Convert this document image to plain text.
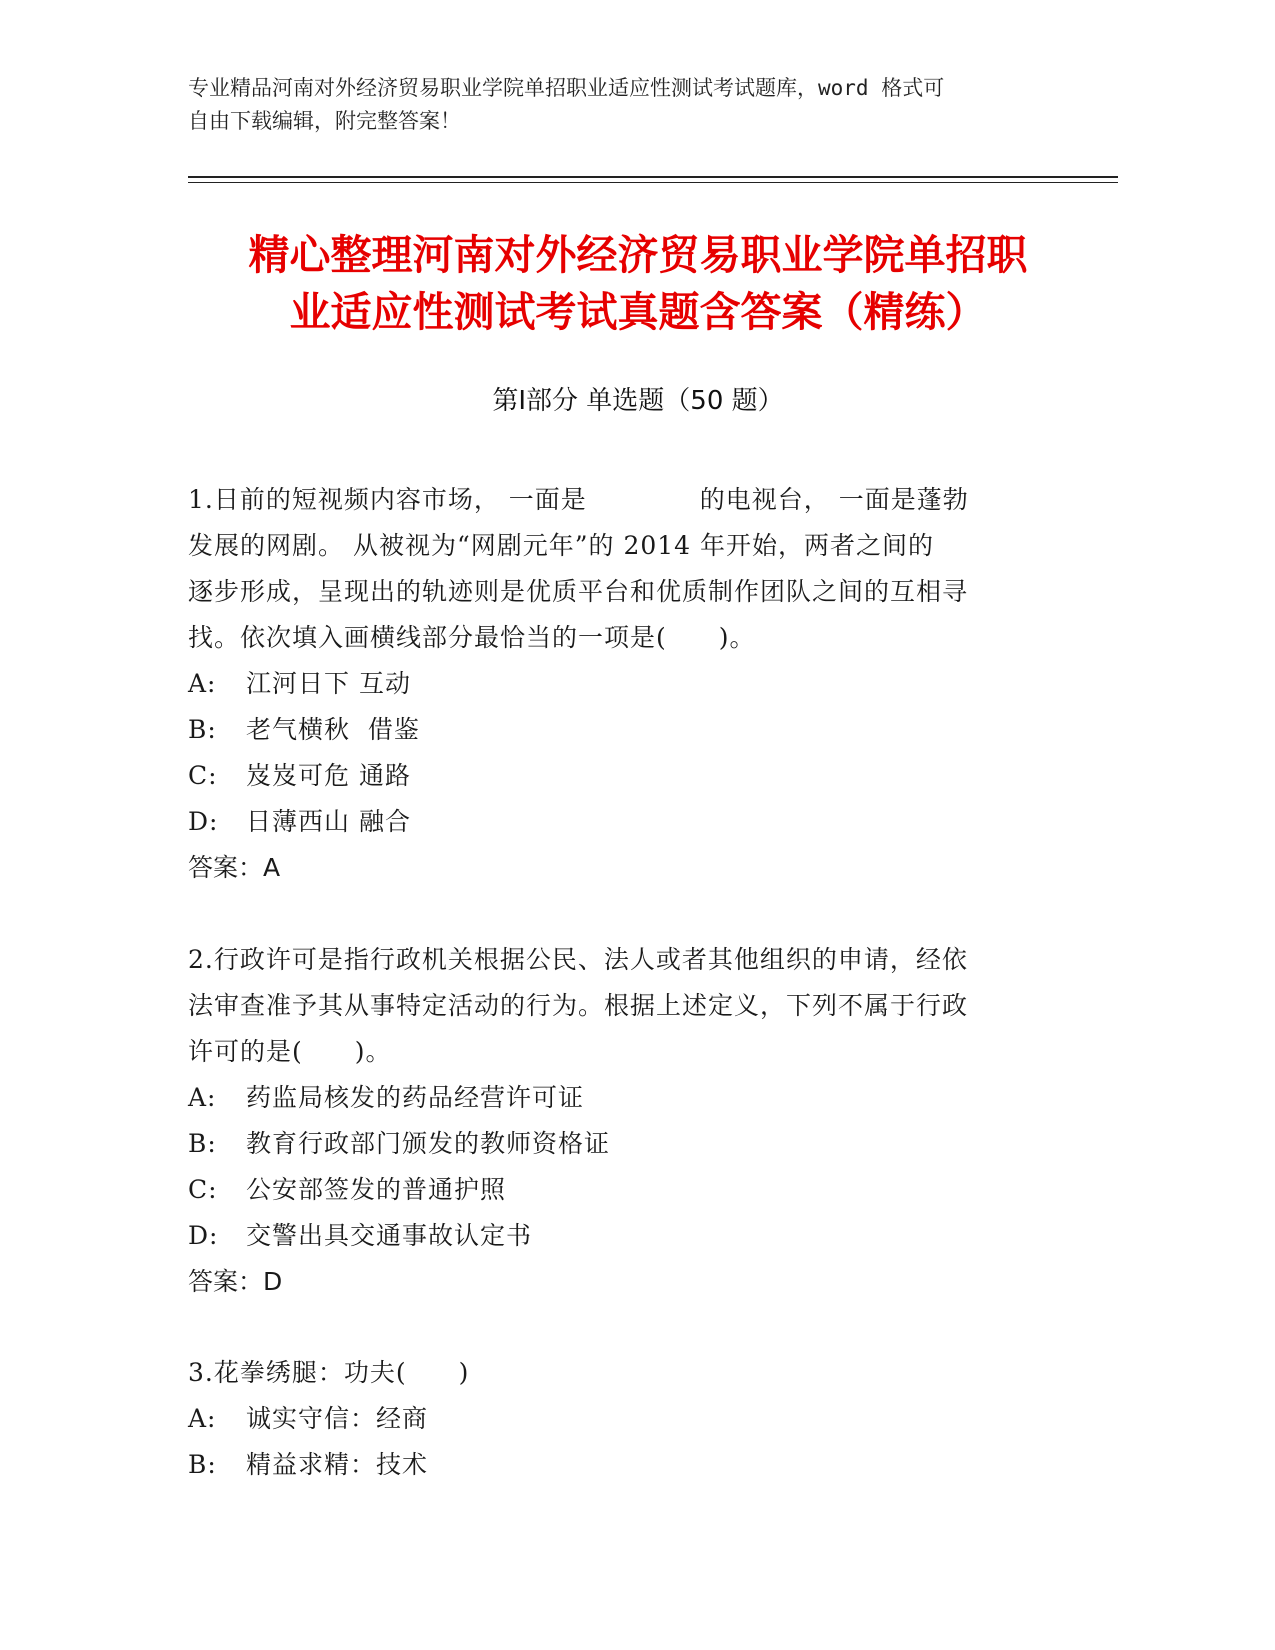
专业精品河南对外经济贸易职业学院单招职业适应性测试考试题库，word 格式可
自由下载编辑，附完整答案！
精心整理河南对外经济贸易职业学院单招职
业适应性测试考试真题含答案（精练）
第Ⅰ部分 单选题（50 题）
1.日前的短视频内容市场， 一面是　　　　 的电视台， 一面是蓬勃
发展的网剧。 从被视为“网剧元年”的 2014 年开始，两者之间的
逐步形成，呈现出的轨迹则是优质平台和优质制作团队之间的互相寻
找。依次填入画横线部分最恰当的一项是(　　)。
A: 江河日下 互动
B: 老气横秋  借鉴
C: 岌岌可危 通路
D: 日薄西山 融合
答案：A
2.行政许可是指行政机关根据公民、法人或者其他组织的申请，经依
法审查准予其从事特定活动的行为。根据上述定义，下列不属于行政
许可的是(　　)。
A: 药监局核发的药品经营许可证
B: 教育行政部门颁发的教师资格证
C: 公安部签发的普通护照
D: 交警出具交通事故认定书
答案：D
3.花拳绣腿：功夫(　　)
A: 诚实守信：经商
B: 精益求精：技术
